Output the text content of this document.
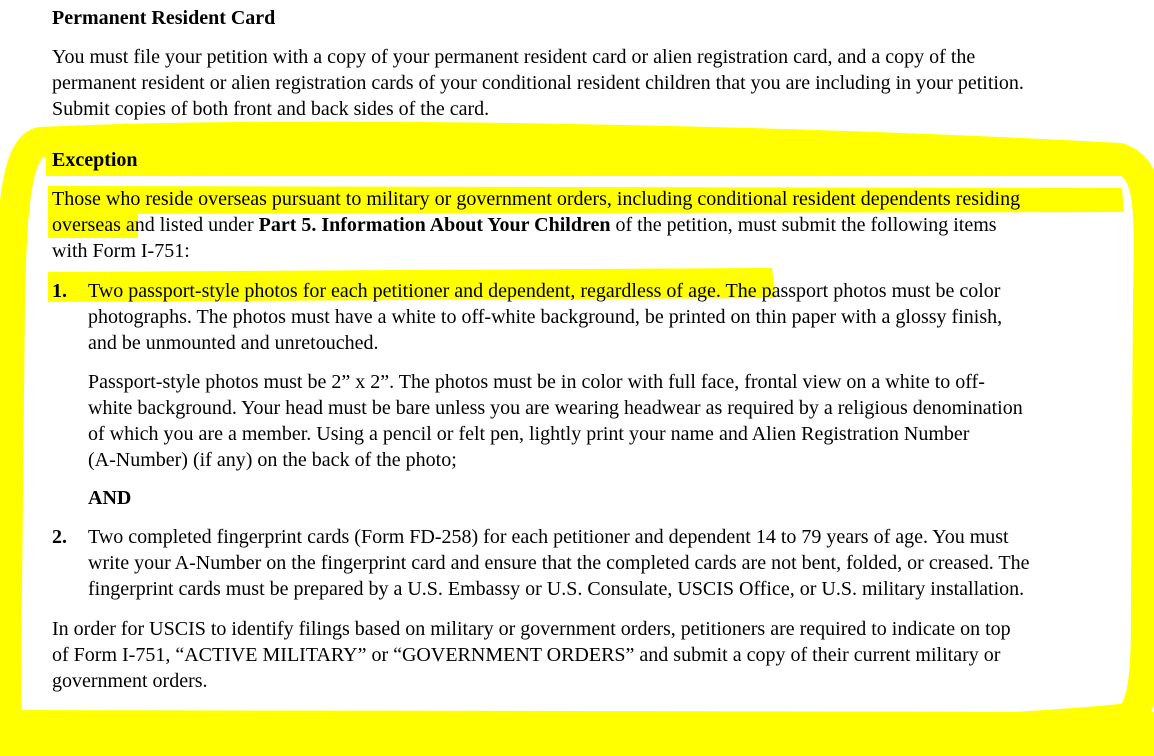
Permanent Resident Card
You must file your petition with a copy of your permanent resident card or alien registration card, and a copy of the
permanent resident or alien registration cards of your conditional resident children that you are including in your petition.
Submit copies of both front and back sides of the card.
Exception
Those who reside overseas pursuant to military or government orders, including conditional resident dependents residing
overseas and listed under Part 5. Information About Your Children of the petition, must submit the following items
with Form I-751:
1. Two passport-style photos for each petitioner and dependent, regardless of age. The passport photos must be color
photographs. The photos must have a white to off-white background, be printed on thin paper with a glossy finish,
and be unmounted and unretouched.
Passport-style photos must be 2” x 2”. The photos must be in color with full face, frontal view on a white to off-
white background. Your head must be bare unless you are wearing headwear as required by a religious denomination
of which you are a member. Using a pencil or felt pen, lightly print your name and Alien Registration Number
(A-Number) (if any) on the back of the photo;
AND
2. Two completed fingerprint cards (Form FD-258) for each petitioner and dependent 14 to 79 years of age. You must
write your A-Number on the fingerprint card and ensure that the completed cards are not bent, folded, or creased. The
fingerprint cards must be prepared by a U.S. Embassy or U.S. Consulate, USCIS Office, or U.S. military installation.
In order for USCIS to identify filings based on military or government orders, petitioners are required to indicate on top
of Form I-751, “ACTIVE MILITARY” or “GOVERNMENT ORDERS” and submit a copy of their current military or
government orders.
